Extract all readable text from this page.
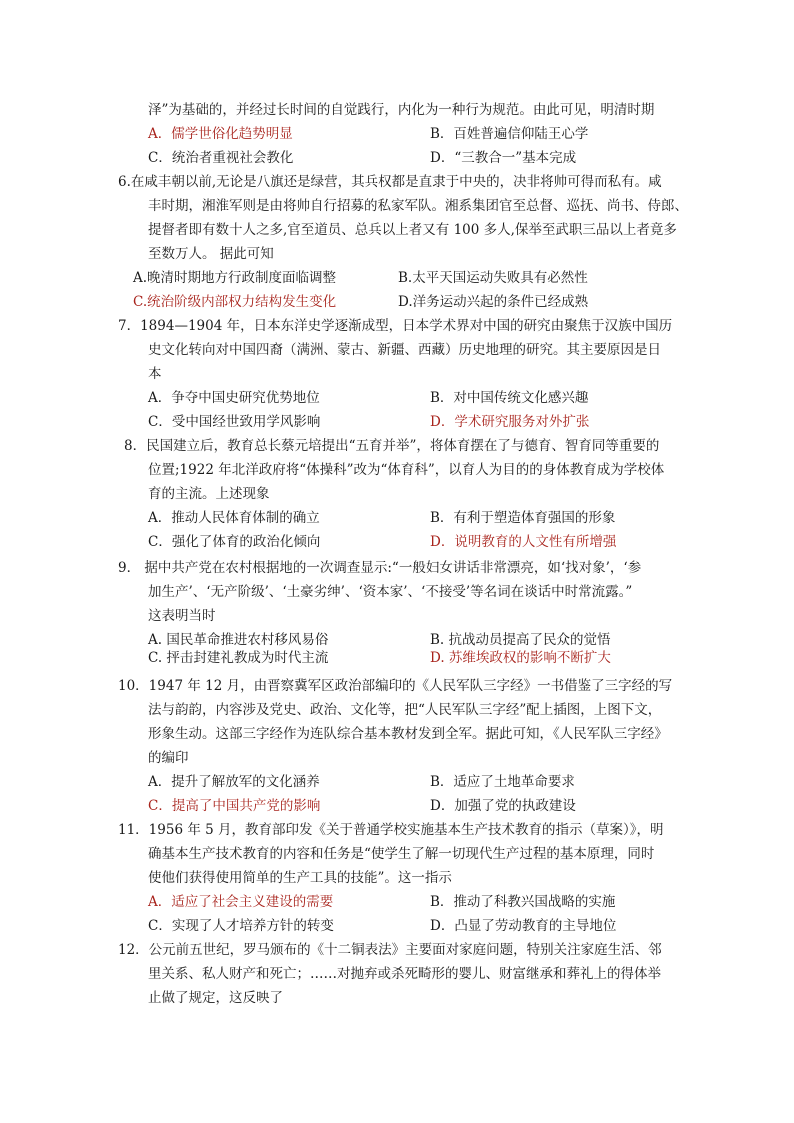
泽”为基础的，并经过长时间的自觉践行，内化为一种行为规范。由此可见，明清时期
A．儒学世俗化趋势明显	B．百姓普遍信仰陆王心学
C．统治者重视社会教化	D．“三教合一”基本完成
6.在咸丰朝以前,无论是八旗还是绿营，其兵权都是直隶于中央的，决非将帅可得而私有。咸
丰时期，湘淮军则是由将帅自行招募的私家军队。湘系集团官至总督、巡抚、尚书、侍郎、
提督者即有数十人之多,官至道员、总兵以上者又有 100 多人,保举至武职三品以上者竟多
至数万人。 据此可知
A.晚清时期地方行政制度面临调整	B.太平天国运动失败具有必然性
C.统治阶级内部权力结构发生变化	D.洋务运动兴起的条件已经成熟
7．1894—1904 年，日本东洋史学逐渐成型，日本学术界对中国的研究由聚焦于汉族中国历
史文化转向对中国四裔（满洲、蒙古、新疆、西藏）历史地理的研究。其主要原因是日
本
A．争夺中国史研究优势地位	B．对中国传统文化感兴趣
C．受中国经世致用学风影响	D．学术研究服务对外扩张
8．民国建立后，教育总长蔡元培提出“五育并举”，将体育摆在了与德育、智育同等重要的
位置;1922 年北洋政府将“体操科”改为“体育科”，以育人为目的的身体教育成为学校体
育的主流。上述现象
A．推动人民体育体制的确立	B．有利于塑造体育强国的形象
C．强化了体育的政治化倾向	D．说明教育的人文性有所增强
9． 据中共产党在农村根据地的一次调查显示:“一般妇女讲话非常漂亮，如‘找对象’，‘参
加生产’、‘无产阶级’、‘土豪劣绅’、‘资本家’、‘不接受’等名词在谈话中时常流露。”
这表明当时
A. 国民革命推进农村移风易俗	B. 抗战动员提高了民众的觉悟
C. 抨击封建礼教成为时代主流	D. 苏维埃政权的影响不断扩大
10．1947 年 12 月，由晋察冀军区政治部编印的《人民军队三字经》一书借鉴了三字经的写
法与韵韵，内容涉及党史、政治、文化等，把“人民军队三字经”配上插图，上图下文，
形象生动。这部三字经作为连队综合基本教材发到全军。据此可知，《人民军队三字经》
的编印
A．提升了解放军的文化涵养	B．适应了土地革命要求
C．提高了中国共产党的影响	D．加强了党的执政建设
11．1956 年 5 月，教育部印发《关于普通学校实施基本生产技术教育的指示（草案）》，明
确基本生产技术教育的内容和任务是“使学生了解一切现代生产过程的基本原理，同时
使他们获得使用简单的生产工具的技能”。这一指示
A．适应了社会主义建设的需要	B．推动了科教兴国战略的实施
C．实现了人才培养方针的转变	D．凸显了劳动教育的主导地位
12．公元前五世纪，罗马颁布的《十二铜表法》主要面对家庭问题，特别关注家庭生活、邻
里关系、私人财产和死亡；……对抛弃或杀死畸形的婴儿、财富继承和葬礼上的得体举
止做了规定，这反映了
